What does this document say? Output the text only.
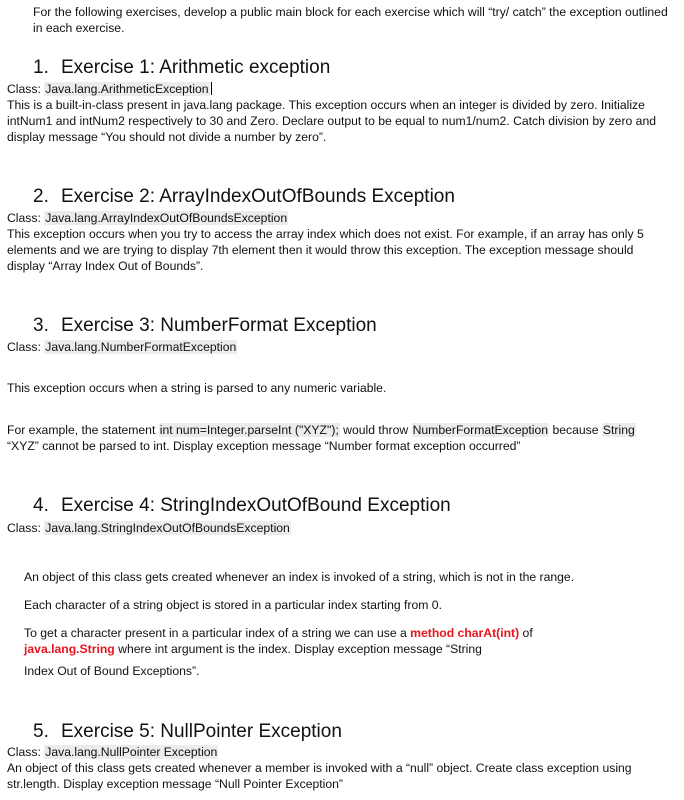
For the following exercises, develop a public main block for each exercise which will “try/ catch” the exception outlined in each exercise.
1. Exercise 1: Arithmetic exception
Class: Java.lang.ArithmeticException
This is a built-in-class present in java.lang package. This exception occurs when an integer is divided by zero. Initialize intNum1 and intNum2 respectively to 30 and Zero. Declare output to be equal to num1/num2. Catch division by zero and display message “You should not divide a number by zero”.
2. Exercise 2: ArrayIndexOutOfBounds Exception
Class: Java.lang.ArrayIndexOutOfBoundsException
This exception occurs when you try to access the array index which does not exist. For example, if an array has only 5 elements and we are trying to display 7th element then it would throw this exception. The exception message should display “Array Index Out of Bounds”.
3. Exercise 3: NumberFormat Exception
Class: Java.lang.NumberFormatException
This exception occurs when a string is parsed to any numeric variable.
For example, the statement int num=Integer.parseInt ("XYZ"); would throw NumberFormatException because String “XYZ” cannot be parsed to int. Display exception message “Number format exception occurred”
4. Exercise 4: StringIndexOutOfBound Exception
Class: Java.lang.StringIndexOutOfBoundsException
An object of this class gets created whenever an index is invoked of a string, which is not in the range.
Each character of a string object is stored in a particular index starting from 0.
To get a character present in a particular index of a string we can use a method charAt(int) of
java.lang.String where int argument is the index. Display exception message “String
Index Out of Bound Exceptions”.
5. Exercise 5: NullPointer Exception
Class: Java.lang.NullPointer Exception
An object of this class gets created whenever a member is invoked with a “null” object. Create class exception using str.length. Display exception message “Null Pointer Exception”
